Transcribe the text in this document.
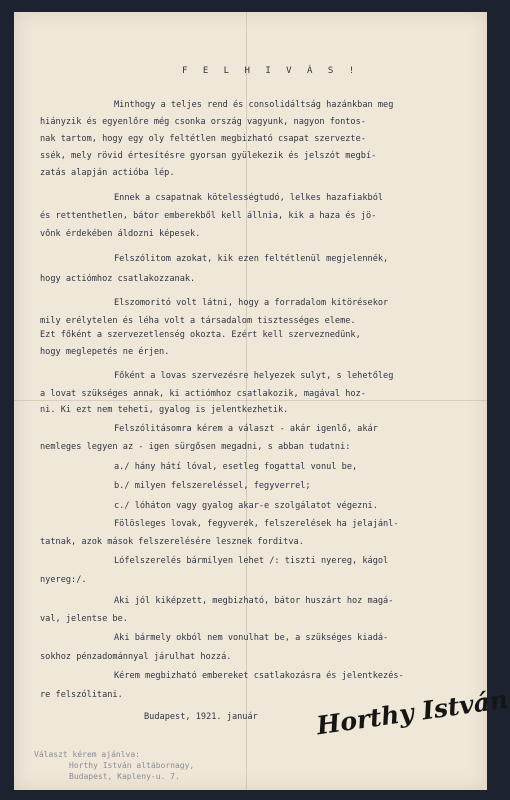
F E L H I V Á S !

Minthogy a teljes rend és consolidáltság hazánkban meg

hiányzik és egyenlőre még csonka ország vagyunk, nagyon fontos-

nak tartom, hogy egy oly feltétlen megbizható csapat szervezte-

ssék, mely rövid értesítésre gyorsan gyülekezik és jelszót megbí-

zatás alapján actióba lép.

Ennek a csapatnak kötelességtudó, lelkes hazafiakból

és rettenthetlen, bátor emberekből kell állnia, kik a haza és jö-

vőnk érdekében áldozni képesek.

Felszólitom azokat, kik ezen feltétlenül megjelennék,

hogy actiómhoz csatlakozzanak.

Elszomoritó volt látni, hogy a forradalom kitörésekor

mily erélytelen és léha volt a társadalom tisztességes eleme.

Ezt főként a szervezetlenség okozta. Ezért kell szerveznedünk,

hogy meglepetés ne érjen.

Főként a lovas szervezésre helyezek sulyt, s lehetőleg

a lovat szükséges annak, ki actiómhoz csatlakozik, magával hoz-

ni. Ki ezt nem teheti, gyalog is jelentkezhetik.

Felszólitásomra kérem a választ - akár igenlő, akár

nemleges legyen az - igen sürgősen megadni, s abban tudatni:

a./ hány hátí lóval, esetleg fogattal vonul be,

b./ milyen felszereléssel, fegyverrel;

c./ lóháton vagy gyalog akar-e szolgálatot végezni.

Fölösleges lovak, fegyverek, felszerelések ha jelajánl-

tatnak, azok mások felszerelésére lesznek forditva.

Lófelszerelés bármilyen lehet /: tiszti nyereg, kágol

nyereg:/.

Aki jól kiképzett, megbizható, bátor huszárt hoz magá-

val, jelentse be.

Aki bármely okból nem vonulhat be, a szükséges kiadá-

sokhoz pénzadománnyal járulhat hozzá.

Kérem megbizható embereket csatlakozásra és jelentkezés-

re felszólitani.

Budapest, 1921. január Horthy István

Választ kérem ajánlva:

Horthy István altábornagy,

Budapest, Kapleny-u. 7.
